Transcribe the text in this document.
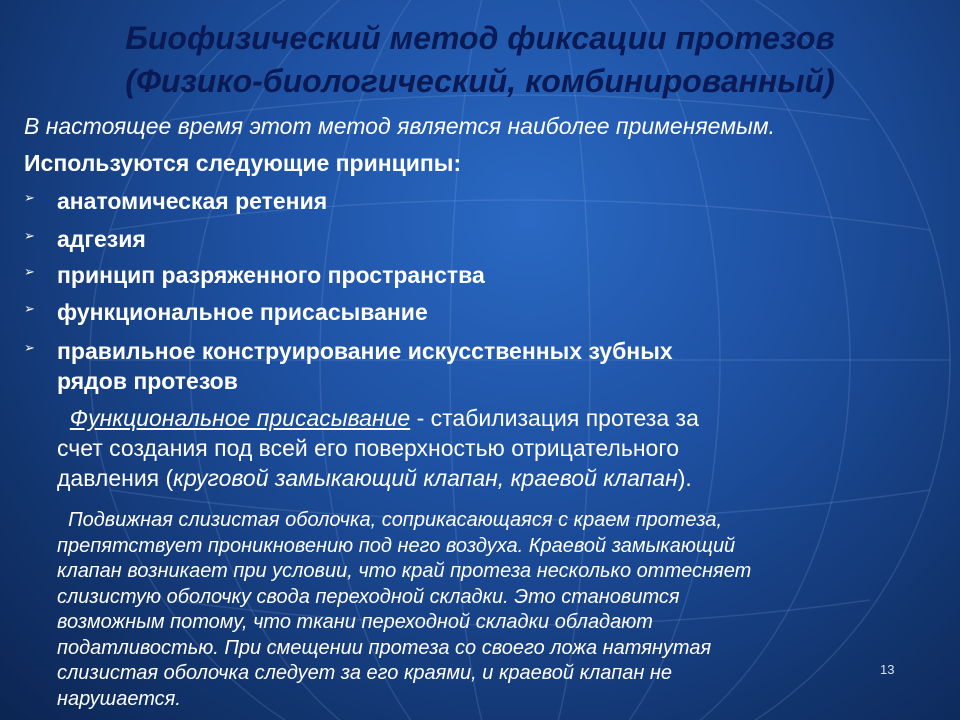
Биофизический метод фиксации протезов
(Физико-биологический, комбинированный)

В настоящее время этот метод является наиболее применяемым.

Используются следующие принципы:

➢ анатомическая ретения

➢ адгезия

➢ принцип разряженного пространства

➢ функциональное присасывание

➢ правильное конструирование искусственных зубных

рядов протезов

Функциональное присасывание - стабилизация протеза за
счет создания под всей его поверхностью отрицательного
давления (круговой замыкающий клапан, краевой клапан).
Подвижная слизистая оболочка, соприкасающаяся с краем протеза,
препятствует проникновению под него воздуха. Краевой замыкающий
клапан возникает при условии, что край протеза несколько оттесняет
слизистую оболочку свода переходной складки. Это становится
возможным потому, что ткани переходной складки обладают
податливостью. При смещении протеза со своего ложа натянутая
слизистая оболочка следует за его краями, и краевой клапан не
нарушается.
13
